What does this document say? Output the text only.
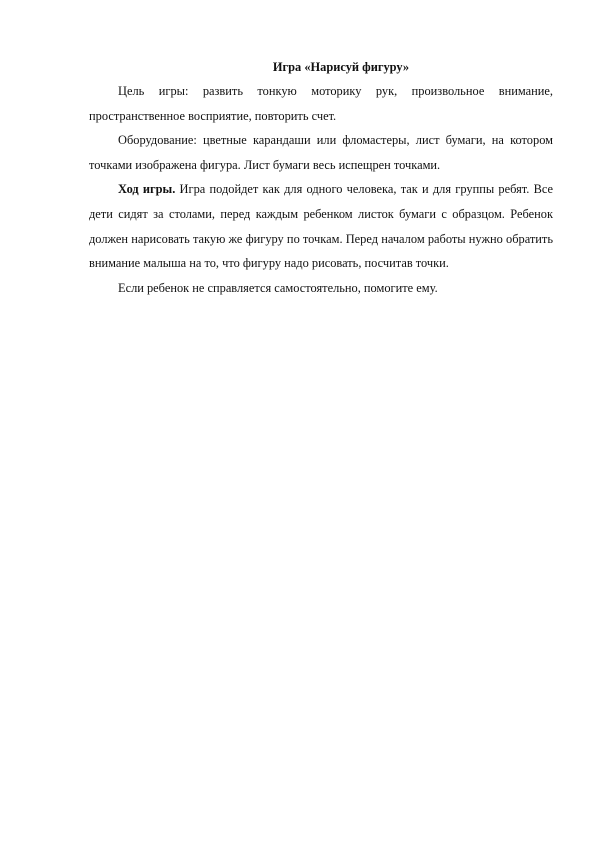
Игра «Нарисуй фигуру»

Цель игры: развить тонкую моторику рук, произвольное внимание, пространственное восприятие, повторить счет.

Оборудование: цветные карандаши или фломастеры, лист бумаги, на котором точками изображена фигура. Лист бумаги весь испещрен точками.

Ход игры. Игра подойдет как для одного человека, так и для группы ребят. Все дети сидят за столами, перед каждым ребенком листок бумаги с образцом. Ребенок должен нарисовать такую же фигуру по точкам. Перед началом работы нужно обратить внимание малыша на то, что фигуру надо рисовать, посчитав точки.

Если ребенок не справляется самостоятельно, помогите ему.
